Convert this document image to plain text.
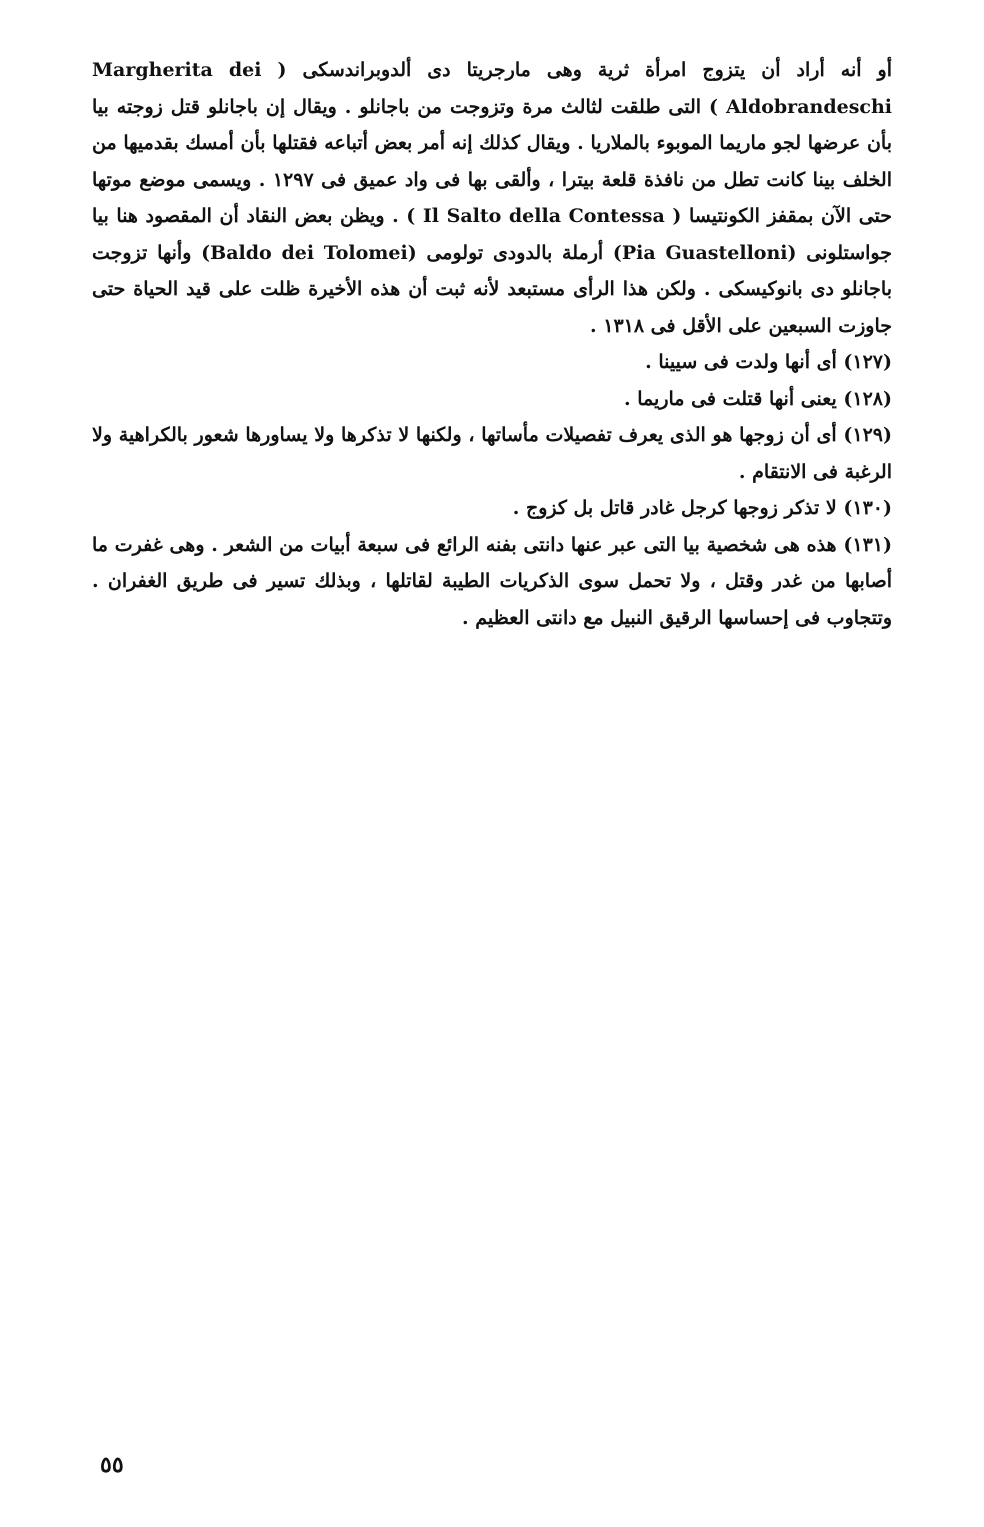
أو أنه أراد أن يتزوج امرأة ثرية وهى مارجريتا دى ألدوبراندسكى ( Margherita dei Aldobrandeschi ) التى طلقت لثالث مرة وتزوجت من باجانلو . ويقال إن باجانلو قتل زوجته بيا بأن عرضها لجو ماريما الموبوء بالملاريا . ويقال كذلك إنه أمر بعض أتباعه فقتلها بأن أمسك بقدميها من الخلف بينا كانت تطل من نافذة قلعة بيترا ، وألقى بها فى واد عميق فى ١٢٩٧ . ويسمى موضع موتها حتى الآن بمقفز الكونتيسا ( Il Salto della Contessa ) . ويظن بعض النقاد أن المقصود هنا بيا جواستلونى (Pia Guastelloni) أرملة بالدودى تولومى (Baldo dei Tolomei) وأنها تزوجت باجانلو دى بانوكيسكى . ولكن هذا الرأى مستبعد لأنه ثبت أن هذه الأخيرة ظلت على قيد الحياة حتى جاوزت السبعين على الأقل فى ١٣١٨ .

(١٢٧) أى أنها ولدت فى سيينا .

(١٢٨) يعنى أنها قتلت فى ماريما .

(١٢٩) أى أن زوجها هو الذى يعرف تفصيلات مأساتها ، ولكنها لا تذكرها ولا يساورها شعور بالكراهية ولا الرغبة فى الانتقام .

(١٣٠) لا تذكر زوجها كرجل غادر قاتل بل كزوج .

(١٣١) هذه هى شخصية بيا التى عبر عنها دانتى بفنه الرائع فى سبعة أبيات من الشعر . وهى غفرت ما أصابها من غدر وقتل ، ولا تحمل سوى الذكريات الطيبة لقاتلها ، وبذلك تسير فى طريق الغفران . وتتجاوب فى إحساسها الرقيق النبيل مع دانتى العظيم .

٥٥
